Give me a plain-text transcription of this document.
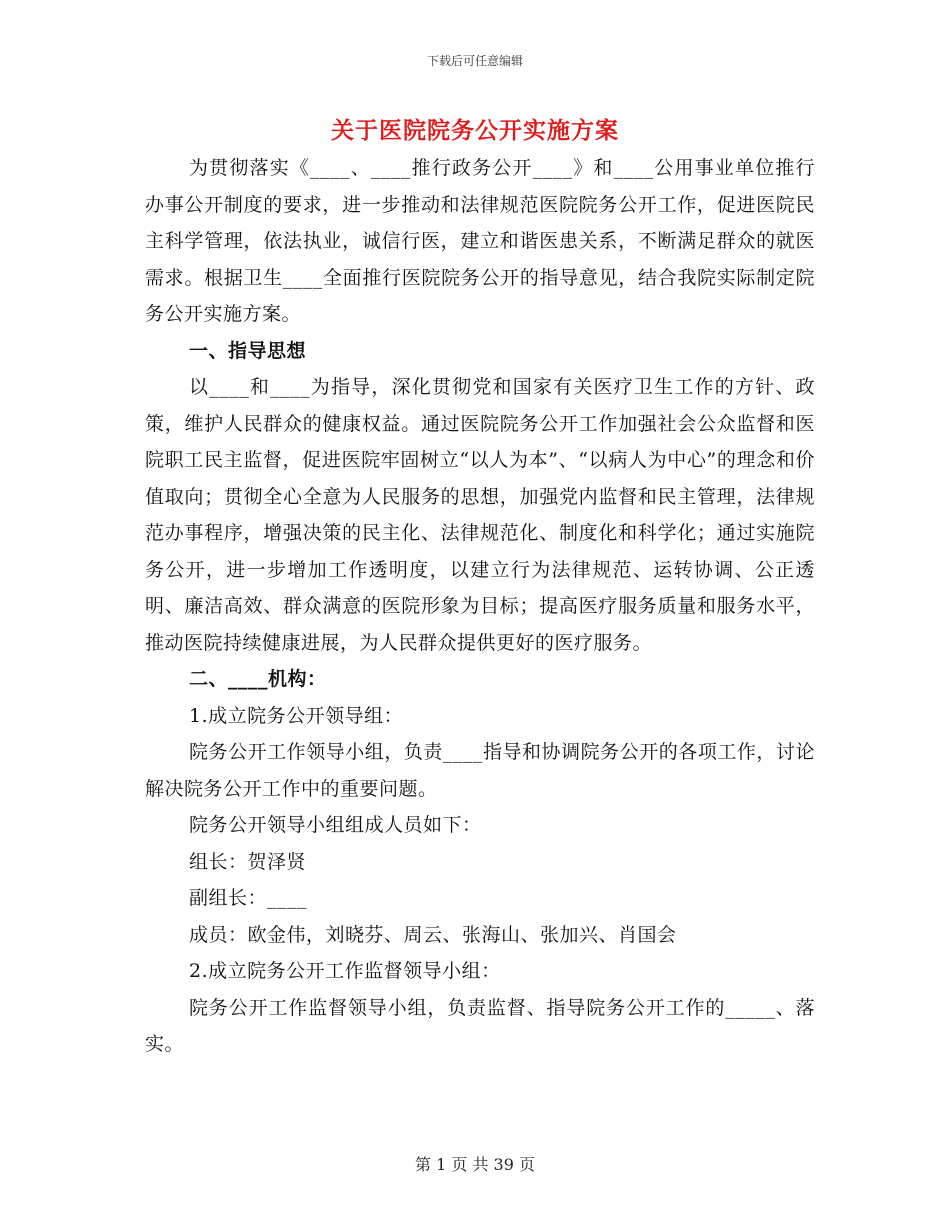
下载后可任意编辑
关于医院院务公开实施方案

为贯彻落实《____、____推行政务公开____》和____公用事业单位推行办事公开制度的要求，进一步推动和法律规范医院院务公开工作，促进医院民主科学管理，依法执业，诚信行医，建立和谐医患关系，不断满足群众的就医需求。根据卫生____全面推行医院院务公开的指导意见，结合我院实际制定院务公开实施方案。

一、指导思想

以____和____为指导，深化贯彻党和国家有关医疗卫生工作的方针、政策，维护人民群众的健康权益。通过医院院务公开工作加强社会公众监督和医院职工民主监督，促进医院牢固树立“以人为本”、“以病人为中心”的理念和价值取向；贯彻全心全意为人民服务的思想，加强党内监督和民主管理，法律规范办事程序，增强决策的民主化、法律规范化、制度化和科学化；通过实施院务公开，进一步增加工作透明度，以建立行为法律规范、运转协调、公正透明、廉洁高效、群众满意的医院形象为目标；提高医疗服务质量和服务水平，推动医院持续健康进展，为人民群众提供更好的医疗服务。

二、____机构：

1.成立院务公开领导组：

院务公开工作领导小组，负责____指导和协调院务公开的各项工作，讨论解决院务公开工作中的重要问题。

院务公开领导小组组成人员如下：

组长：贺泽贤

副组长：____

成员：欧金伟，刘晓芬、周云、张海山、张加兴、肖国会

2.成立院务公开工作监督领导小组：

院务公开工作监督领导小组，负责监督、指导院务公开工作的_____、落实。

第 1 页 共 39 页
